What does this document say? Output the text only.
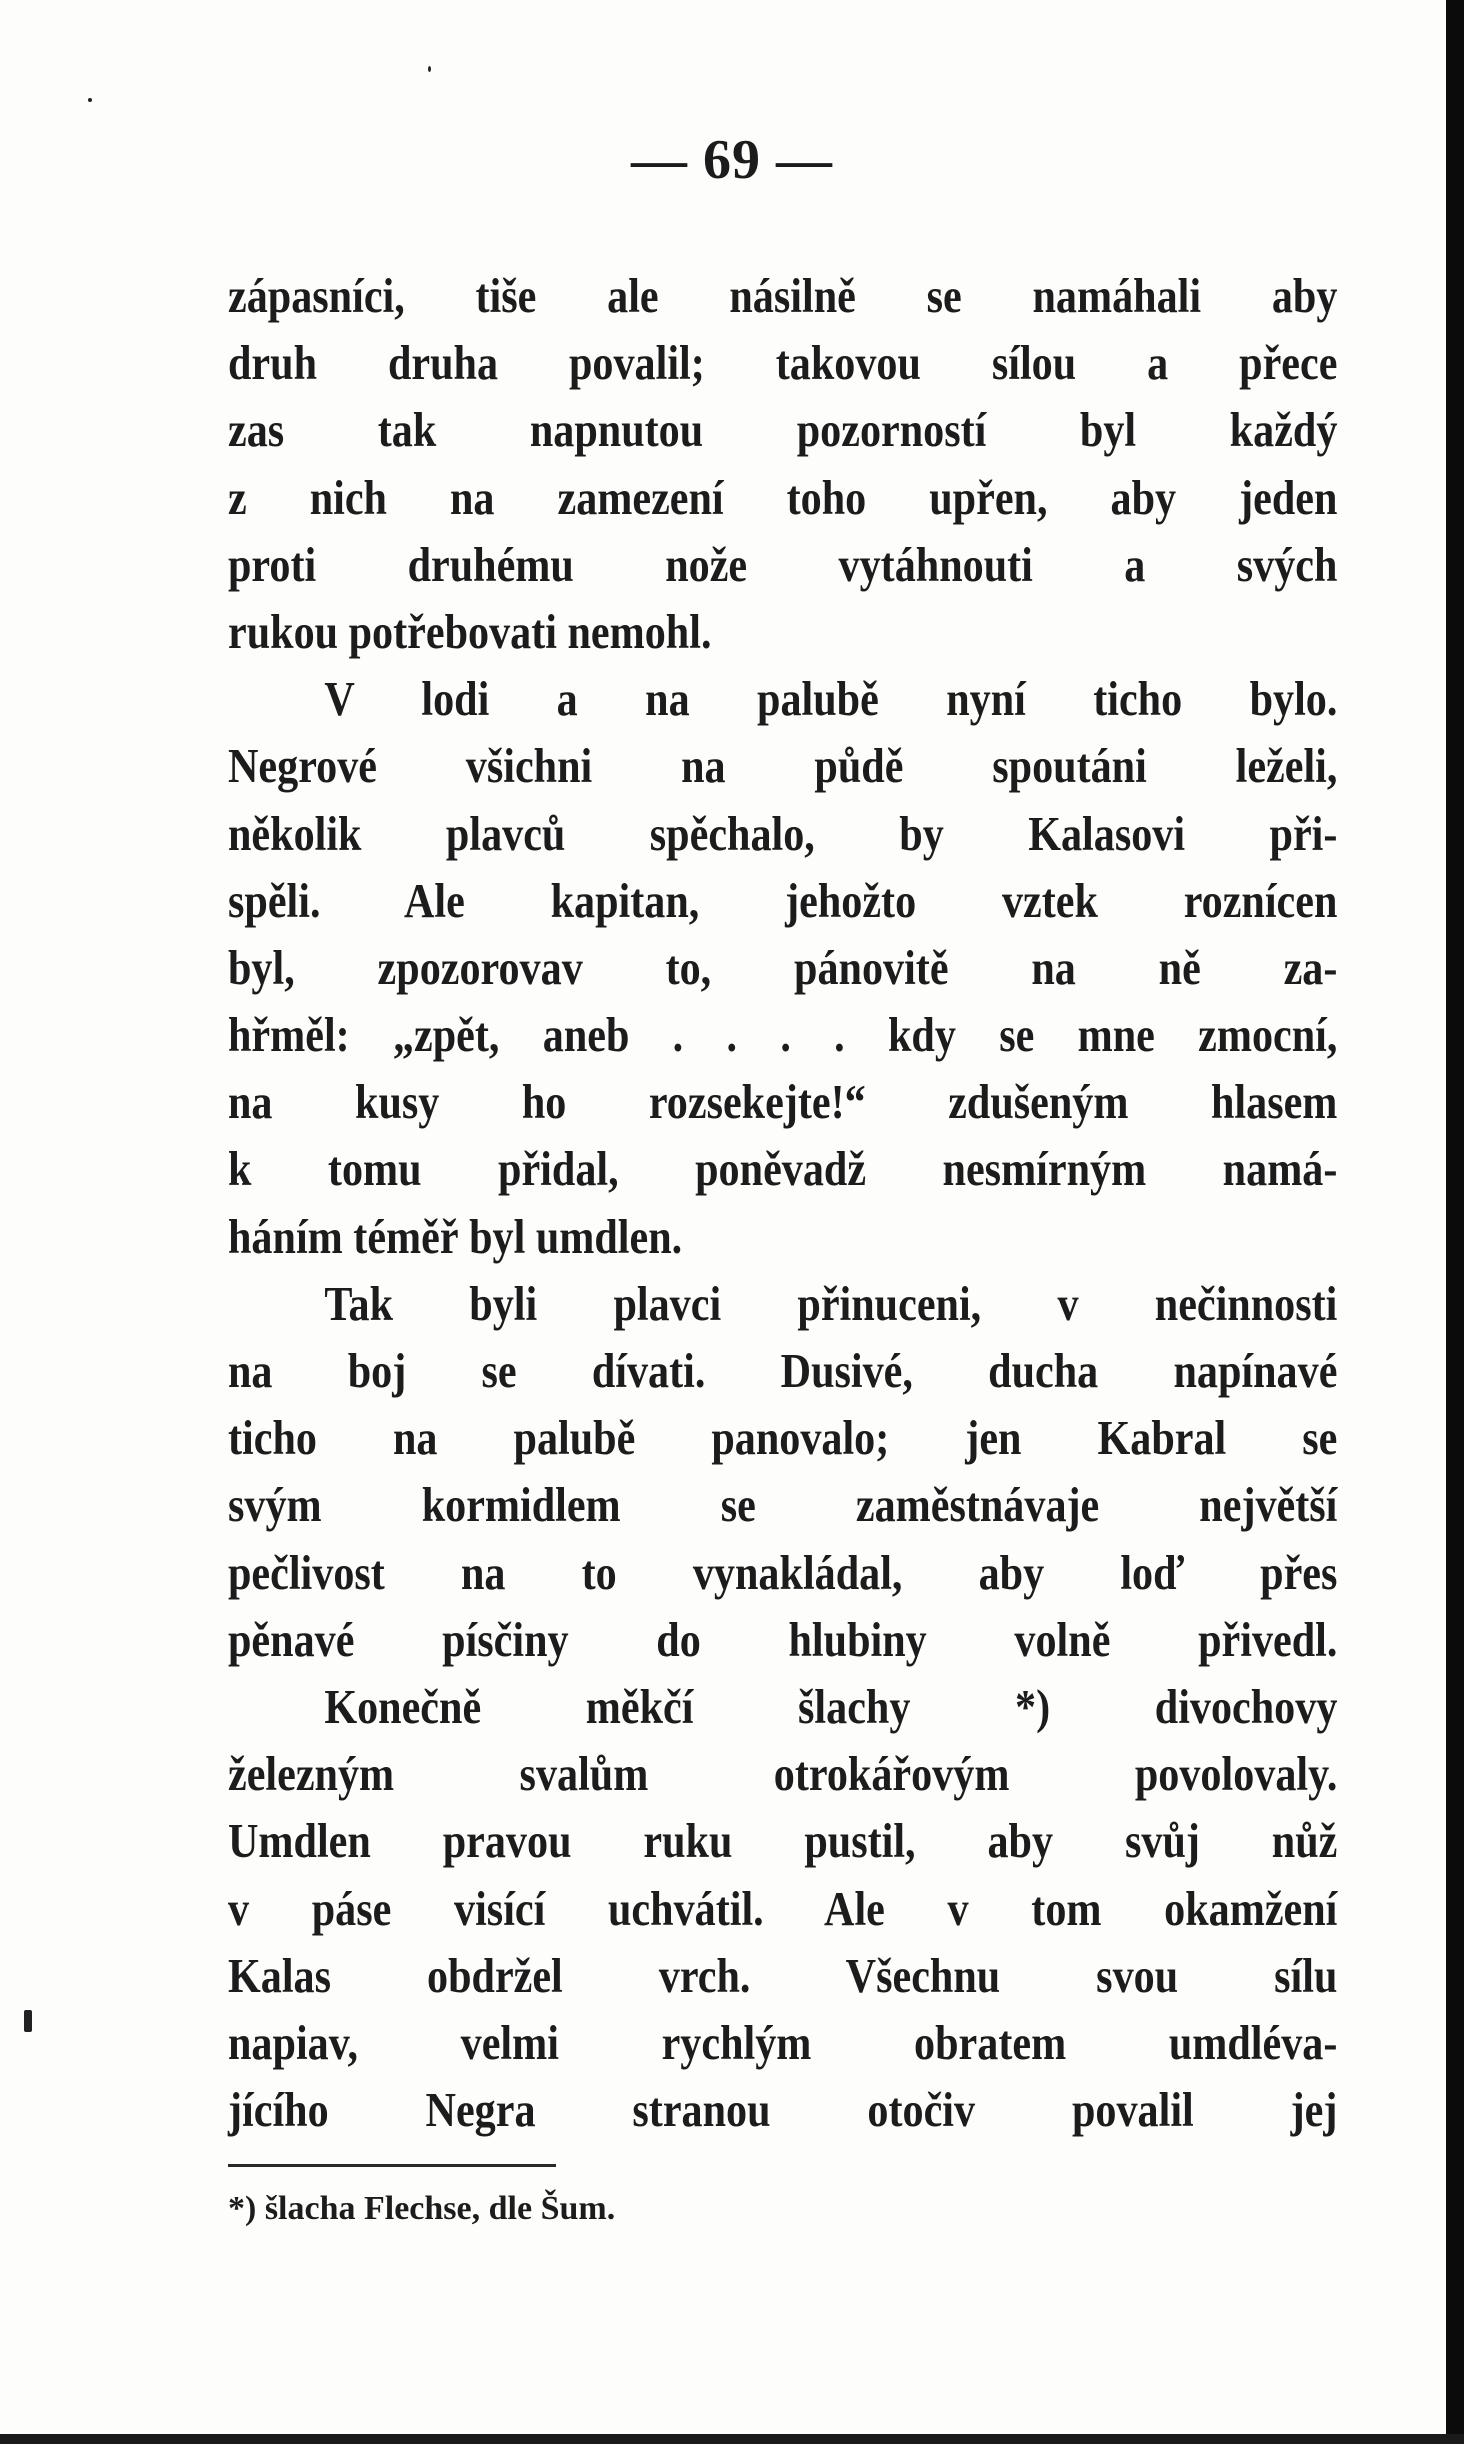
— 69 —
zápasníci, tiše ale násilně se namáhali aby
druh druha povalil; takovou sílou a přece
zas tak napnutou pozorností byl každý
z nich na zamezení toho upřen, aby jeden
proti druhému nože vytáhnouti a svých
rukou potřebovati nemohl.
V lodi a na palubě nyní ticho bylo.
Negrové všichni na půdě spoutáni leželi,
několik plavců spěchalo, by Kalasovi při-
spěli. Ale kapitan, jehožto vztek roznícen
byl, zpozorovav to, pánovitě na ně za-
hřměl: „zpět, aneb . . . . kdy se mne zmocní,
na kusy ho rozsekejte!“ zdušeným hlasem
k tomu přidal, poněvadž nesmírným namá-
háním téměř byl umdlen.
Tak byli plavci přinuceni, v nečinnosti
na boj se dívati. Dusivé, ducha napínavé
ticho na palubě panovalo; jen Kabral se
svým kormidlem se zaměstnávaje největší
pečlivost na to vynakládal, aby loď přes
pěnavé písčiny do hlubiny volně přivedl.
Konečně měkčí šlachy *) divochovy
železným svalům otrokářovým povolovaly.
Umdlen pravou ruku pustil, aby svůj nůž
v páse visící uchvátil. Ale v tom okamžení
Kalas obdržel vrch. Všechnu svou sílu
napiav, velmi rychlým obratem umdléva-
jícího Negra stranou otočiv povalil jej
*) šlacha Flechse, dle Šum.
